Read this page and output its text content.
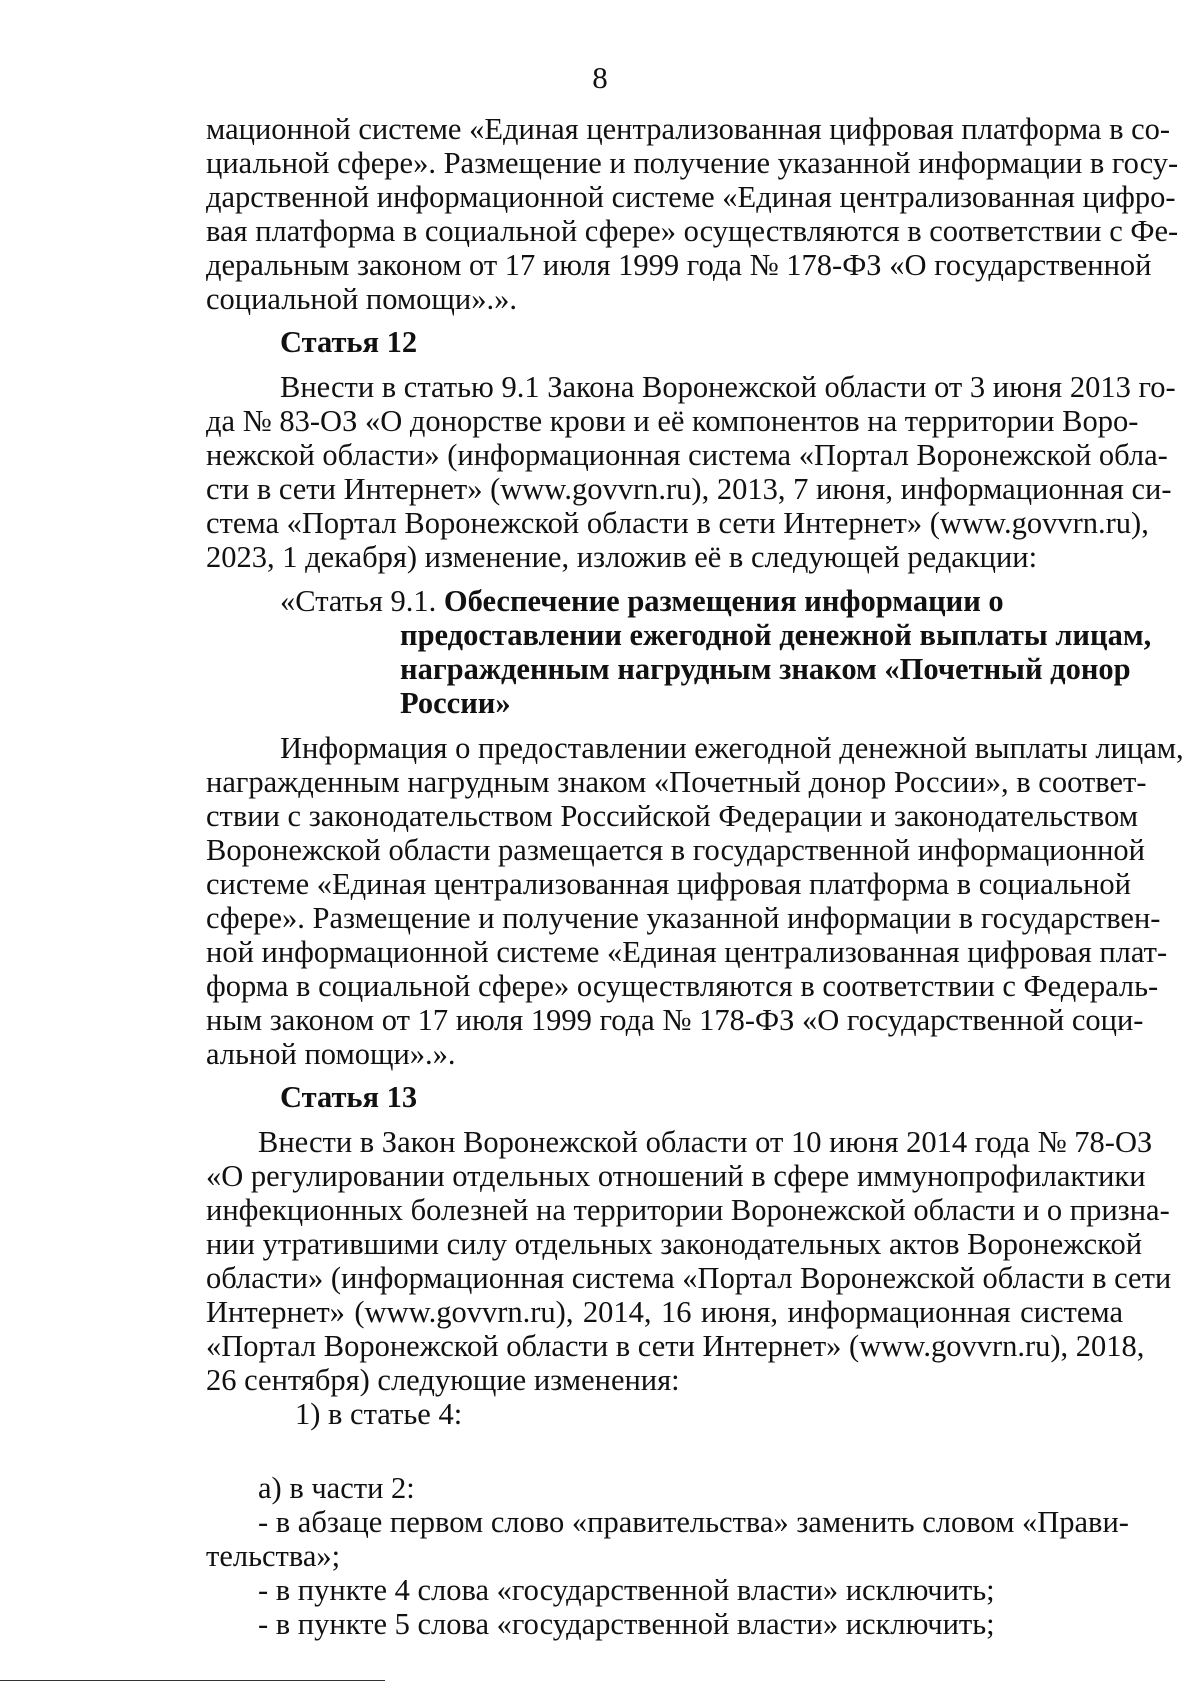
8

мационной системе «Единая централизованная цифровая платформа в со-

циальной сфере». Размещение и получение указанной информации в госу-

дарственной информационной системе «Единая централизованная цифро-

вая платформа в социальной сфере» осуществляются в соответствии с Фе-

деральным законом от 17 июля 1999 года № 178-ФЗ «О государственной

социальной помощи».».

Статья 12

Внести в статью 9.1 Закона Воронежской области от 3 июня 2013 го-

да № 83-ОЗ «О донорстве крови и её компонентов на территории Воро-

нежской области» (информационная система «Портал Воронежской обла-

сти в сети Интернет» (www.govvrn.ru), 2013, 7 июня, информационная си-

стема «Портал Воронежской области в сети Интернет» (www.govvrn.ru),

2023, 1 декабря) изменение, изложив её в следующей редакции:

«Статья 9.1. Обеспечение размещения информации о

предоставлении ежегодной денежной выплаты лицам,

награжденным нагрудным знаком «Почетный донор

России»

Информация о предоставлении ежегодной денежной выплаты лицам,

награжденным нагрудным знаком «Почетный донор России», в соответ-

ствии с законодательством Российской Федерации и законодательством

Воронежской области размещается в государственной информационной

системе «Единая централизованная цифровая платформа в социальной

сфере». Размещение и получение указанной информации в государствен-

ной информационной системе «Единая централизованная цифровая плат-

форма в социальной сфере» осуществляются в соответствии с Федераль-

ным законом от 17 июля 1999 года № 178-ФЗ «О государственной соци-

альной помощи».».

Статья 13

Внести в Закон Воронежской области от 10 июня 2014 года № 78-ОЗ

«О регулировании отдельных отношений в сфере иммунопрофилактики

инфекционных болезней на территории Воронежской области и о призна-

нии утратившими силу отдельных законодательных актов Воронежской

области» (информационная система «Портал Воронежской области в сети

Интернет» (www.govvrn.ru), 2014, 16 июня, информационная система

«Портал Воронежской области в сети Интернет» (www.govvrn.ru), 2018,

26 сентября) следующие изменения:

1) в статье 4:

а) в части 2:

- в абзаце первом слово «правительства» заменить словом «Прави-

тельства»;

- в пункте 4 слова «государственной власти» исключить;

- в пункте 5 слова «государственной власти» исключить;
